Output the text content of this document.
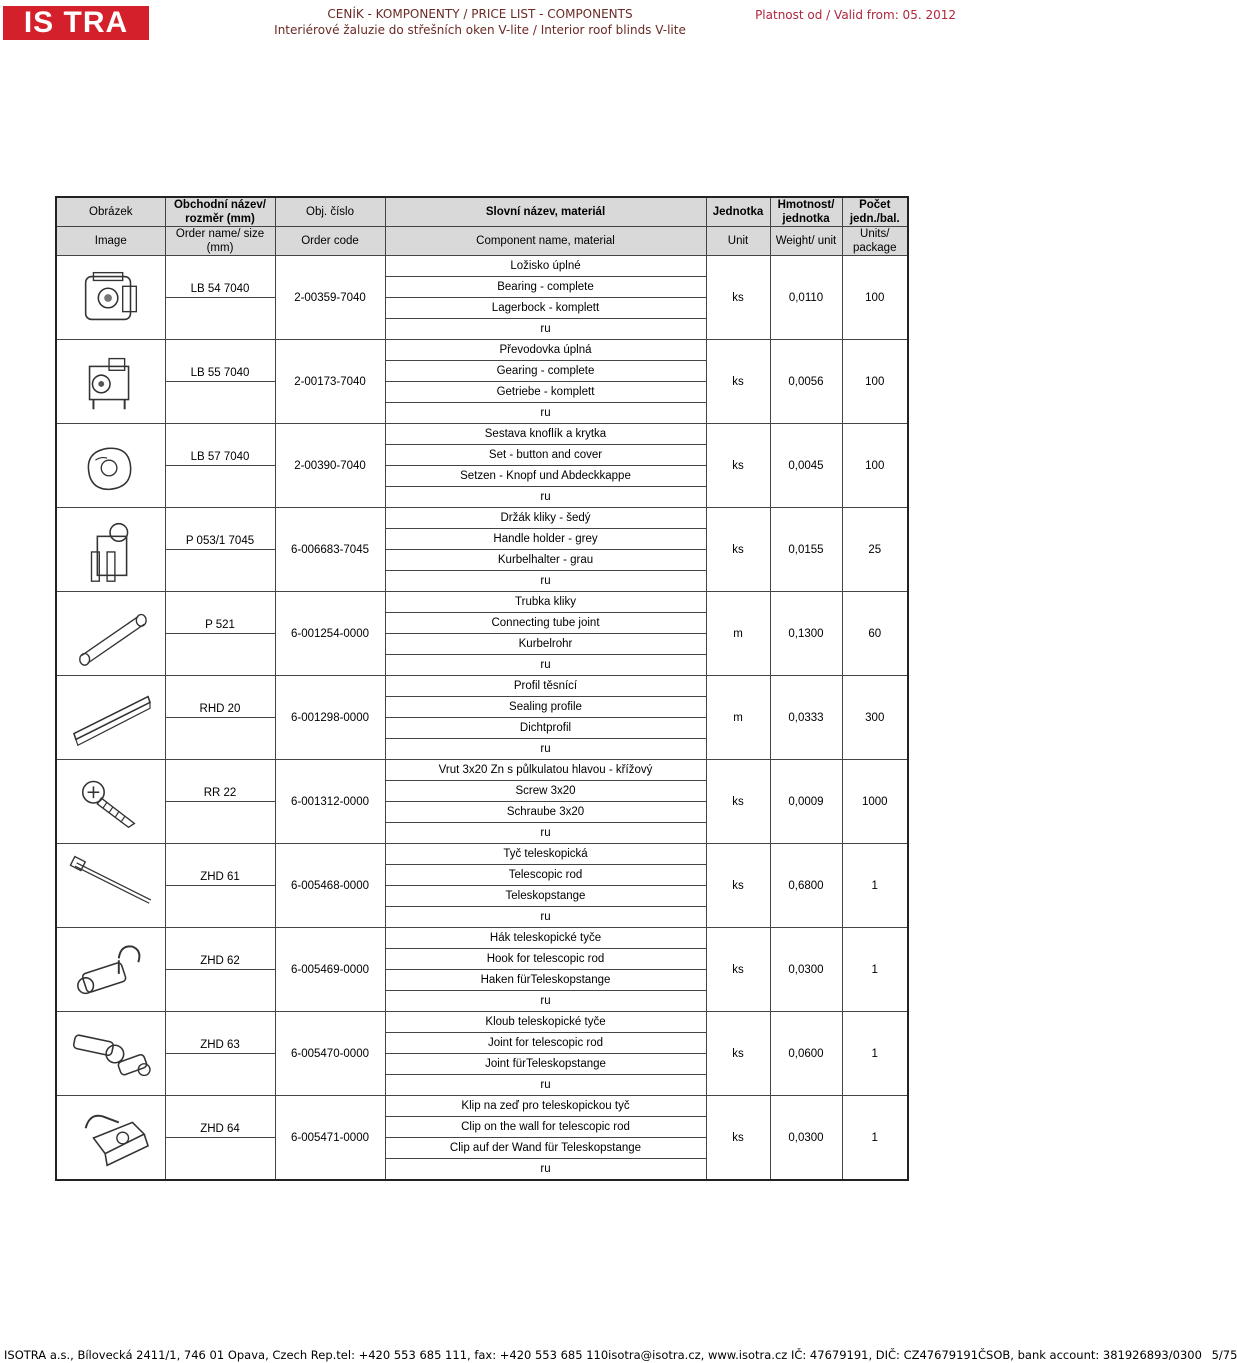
IS TRA	CENÍK - KOMPONENTY / PRICE LIST - COMPONENTS
Interiérové žaluzie do střešních oken V-lite / Interior roof blinds V-lite
Platnost od / Valid from: 05. 2012
Obrázek	Obchodní název/ rozměr (mm)	Obj. číslo	Slovní název, materiál	Jednotka	Hmotnost/ jednotka	Počet jedn./bal.
Image	Order name/ size (mm)	Order code	Component name, material	Unit	Weight/ unit	Units/ package

	LB 54 7040	2-00359-7040	Ložisko úplné	ks	0,0110	100
			Bearing - complete			
			Lagerbock - komplett			
			ru			

	LB 55 7040	2-00173-7040	Převodovka úplná	ks	0,0056	100
			Gearing - complete			
			Getriebe - komplett			
			ru			

	LB 57 7040	2-00390-7040	Sestava knoflík a krytka	ks	0,0045	100
			Set - button and cover			
			Setzen - Knopf und Abdeckkappe			
			ru			

	P 053/1 7045	6-006683-7045	Držák kliky - šedý	ks	0,0155	25
			Handle holder - grey			
			Kurbelhalter - grau			
			ru			

	P 521	6-001254-0000	Trubka kliky	m	0,1300	60
			Connecting tube joint			
			Kurbelrohr			
			ru			

	RHD 20	6-001298-0000	Profil těsnící	m	0,0333	300
			Sealing profile			
			Dichtprofil			
			ru			

	RR 22	6-001312-0000	Vrut 3x20 Zn s půlkulatou hlavou - křížový	ks	0,0009	1000
			Screw 3x20			
			Schraube 3x20			
			ru			

	ZHD 61	6-005468-0000	Tyč teleskopická	ks	0,6800	1
			Telescopic rod			
			Teleskopstange			
			ru			

	ZHD 62	6-005469-0000	Hák teleskopické tyče	ks	0,0300	1
			Hook for telescopic rod			
			Haken fürTeleskopstange			
			ru			

	ZHD 63	6-005470-0000	Kloub teleskopické tyče	ks	0,0600	1
			Joint for telescopic rod			
			Joint fürTeleskopstange			
			ru			

	ZHD 64	6-005471-0000	Klip na zeď pro teleskopickou tyč	ks	0,0300	1
			Clip on the wall for telescopic rod			
			Clip auf der Wand für Teleskopstange			
			ru			
ISOTRA a.s., Bílovecká 2411/1, 746 01 Opava, Czech Rep.tel: +420 553 685 111, fax: +420 553 685 110isotra@isotra.cz, www.isotra.cz IČ: 47679191, DIČ: CZ47679191ČSOB, bank account: 381926893/0300 5/75
